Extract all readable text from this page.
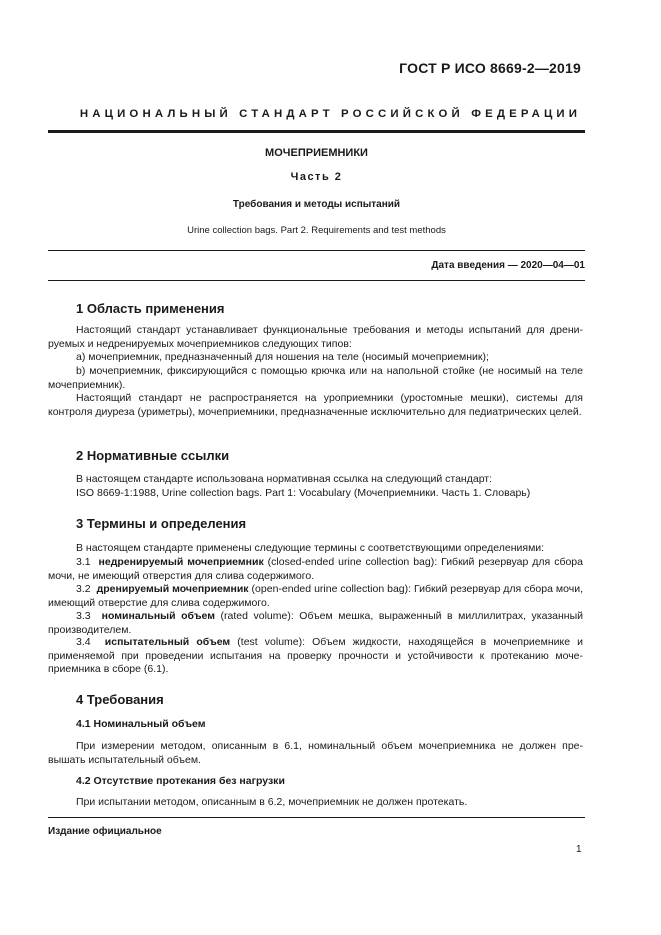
ГОСТ Р ИСО 8669-2—2019
НАЦИОНАЛЬНЫЙ СТАНДАРТ РОССИЙСКОЙ ФЕДЕРАЦИИ
МОЧЕПРИЕМНИКИ
Часть 2
Требования и методы испытаний
Urine collection bags. Part 2. Requirements and test methods
Дата введения — 2020—04—01
1 Область применения
Настоящий стандарт устанавливает функциональные требования и методы испытаний для дрени-руемых и недренируемых мочеприемников следующих типов:
a) мочеприемник, предназначенный для ношения на теле (носимый мочеприемник);
b) мочеприемник, фиксирующийся с помощью крючка или на напольной стойке (не носимый на теле мочеприемник).
Настоящий стандарт не распространяется на уроприемники (уростомные мешки), системы для контроля диуреза (уриметры), мочеприемники, предназначенные исключительно для педиатрических целей.
2 Нормативные ссылки
В настоящем стандарте использована нормативная ссылка на следующий стандарт:
ISO 8669-1:1988, Urine collection bags. Part 1: Vocabulary (Мочеприемники. Часть 1. Словарь)
3 Термины и определения
В настоящем стандарте применены следующие термины с соответствующими определениями:
3.1 недренируемый мочеприемник (closed-ended urine collection bag): Гибкий резервуар для сбора мочи, не имеющий отверстия для слива содержимого.
3.2 дренируемый мочеприемник (open-ended urine collection bag): Гибкий резервуар для сбора мочи, имеющий отверстие для слива содержимого.
3.3 номинальный объем (rated volume): Объем мешка, выраженный в миллилитрах, указанный производителем.
3.4 испытательный объем (test volume): Объем жидкости, находящейся в мочеприемнике и применяемой при проведении испытания на проверку прочности и устойчивости к протеканию моче-приемника в сборе (6.1).
4 Требования
4.1 Номинальный объем
При измерении методом, описанным в 6.1, номинальный объем мочеприемника не должен пре-вышать испытательный объем.
4.2 Отсутствие протекания без нагрузки
При испытании методом, описанным в 6.2, мочеприемник не должен протекать.
Издание официальное
1
